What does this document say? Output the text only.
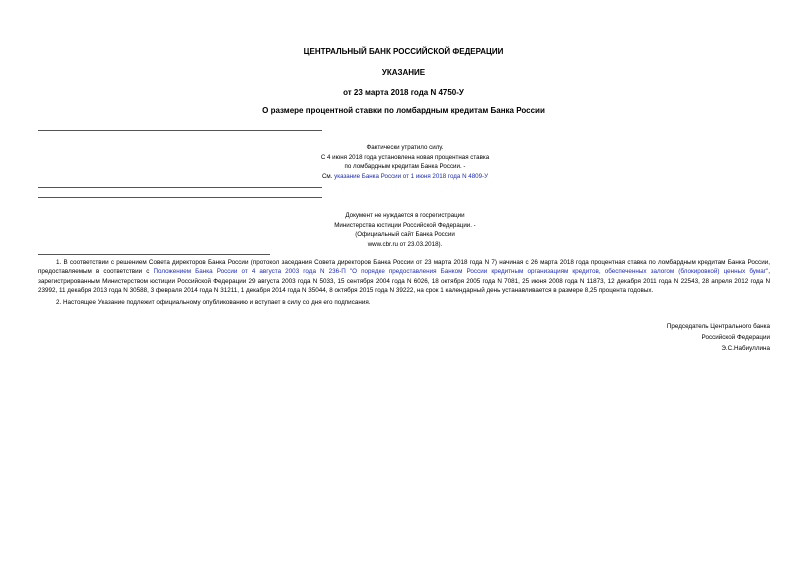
ЦЕНТРАЛЬНЫЙ БАНК РОССИЙСКОЙ ФЕДЕРАЦИИ
УКАЗАНИЕ
от 23 марта 2018 года N 4750-У
О размере процентной ставки по ломбардным кредитам Банка России
Фактически утратило силу.
С 4 июня 2018 года установлена новая процентная ставка
по ломбардным кредитам Банка России. -
См. указание Банка России от 1 июня 2018 года N 4809-У
Документ не нуждается в госрегистрации
Министерства юстиции Российской Федерации. -
(Официальный сайт Банка России
www.cbr.ru от 23.03.2018).

1. В соответствии с решением Совета директоров Банка России (протокол заседания Совета директоров Банка России от 23 марта 2018 года N 7) начиная с 26 марта 2018 года процентная ставка по ломбардным кредитам Банка России, предоставляемым в соответствии с Положением Банка России от 4 августа 2003 года N 236-П "О порядке предоставления Банком России кредитным организациям кредитов, обеспеченных залогом (блокировкой) ценных бумаг", зарегистрированным Министерством юстиции Российской Федерации 29 августа 2003 года N 5033, 15 сентября 2004 года N 6026, 18 октября 2005 года N 7081, 25 июня 2008 года N 11873, 12 декабря 2011 года N 22543, 28 апреля 2012 года N 23992, 11 декабря 2013 года N 30588, 3 февраля 2014 года N 31211, 1 декабря 2014 года N 35044, 8 октября 2015 года N 39222, на срок 1 календарный день устанавливается в размере 8,25 процента годовых.

2. Настоящее Указание подлежит официальному опубликованию и вступает в силу со дня его подписания.

Председатель Центрального банка
Российской Федерации
Э.С.Набиуллина
